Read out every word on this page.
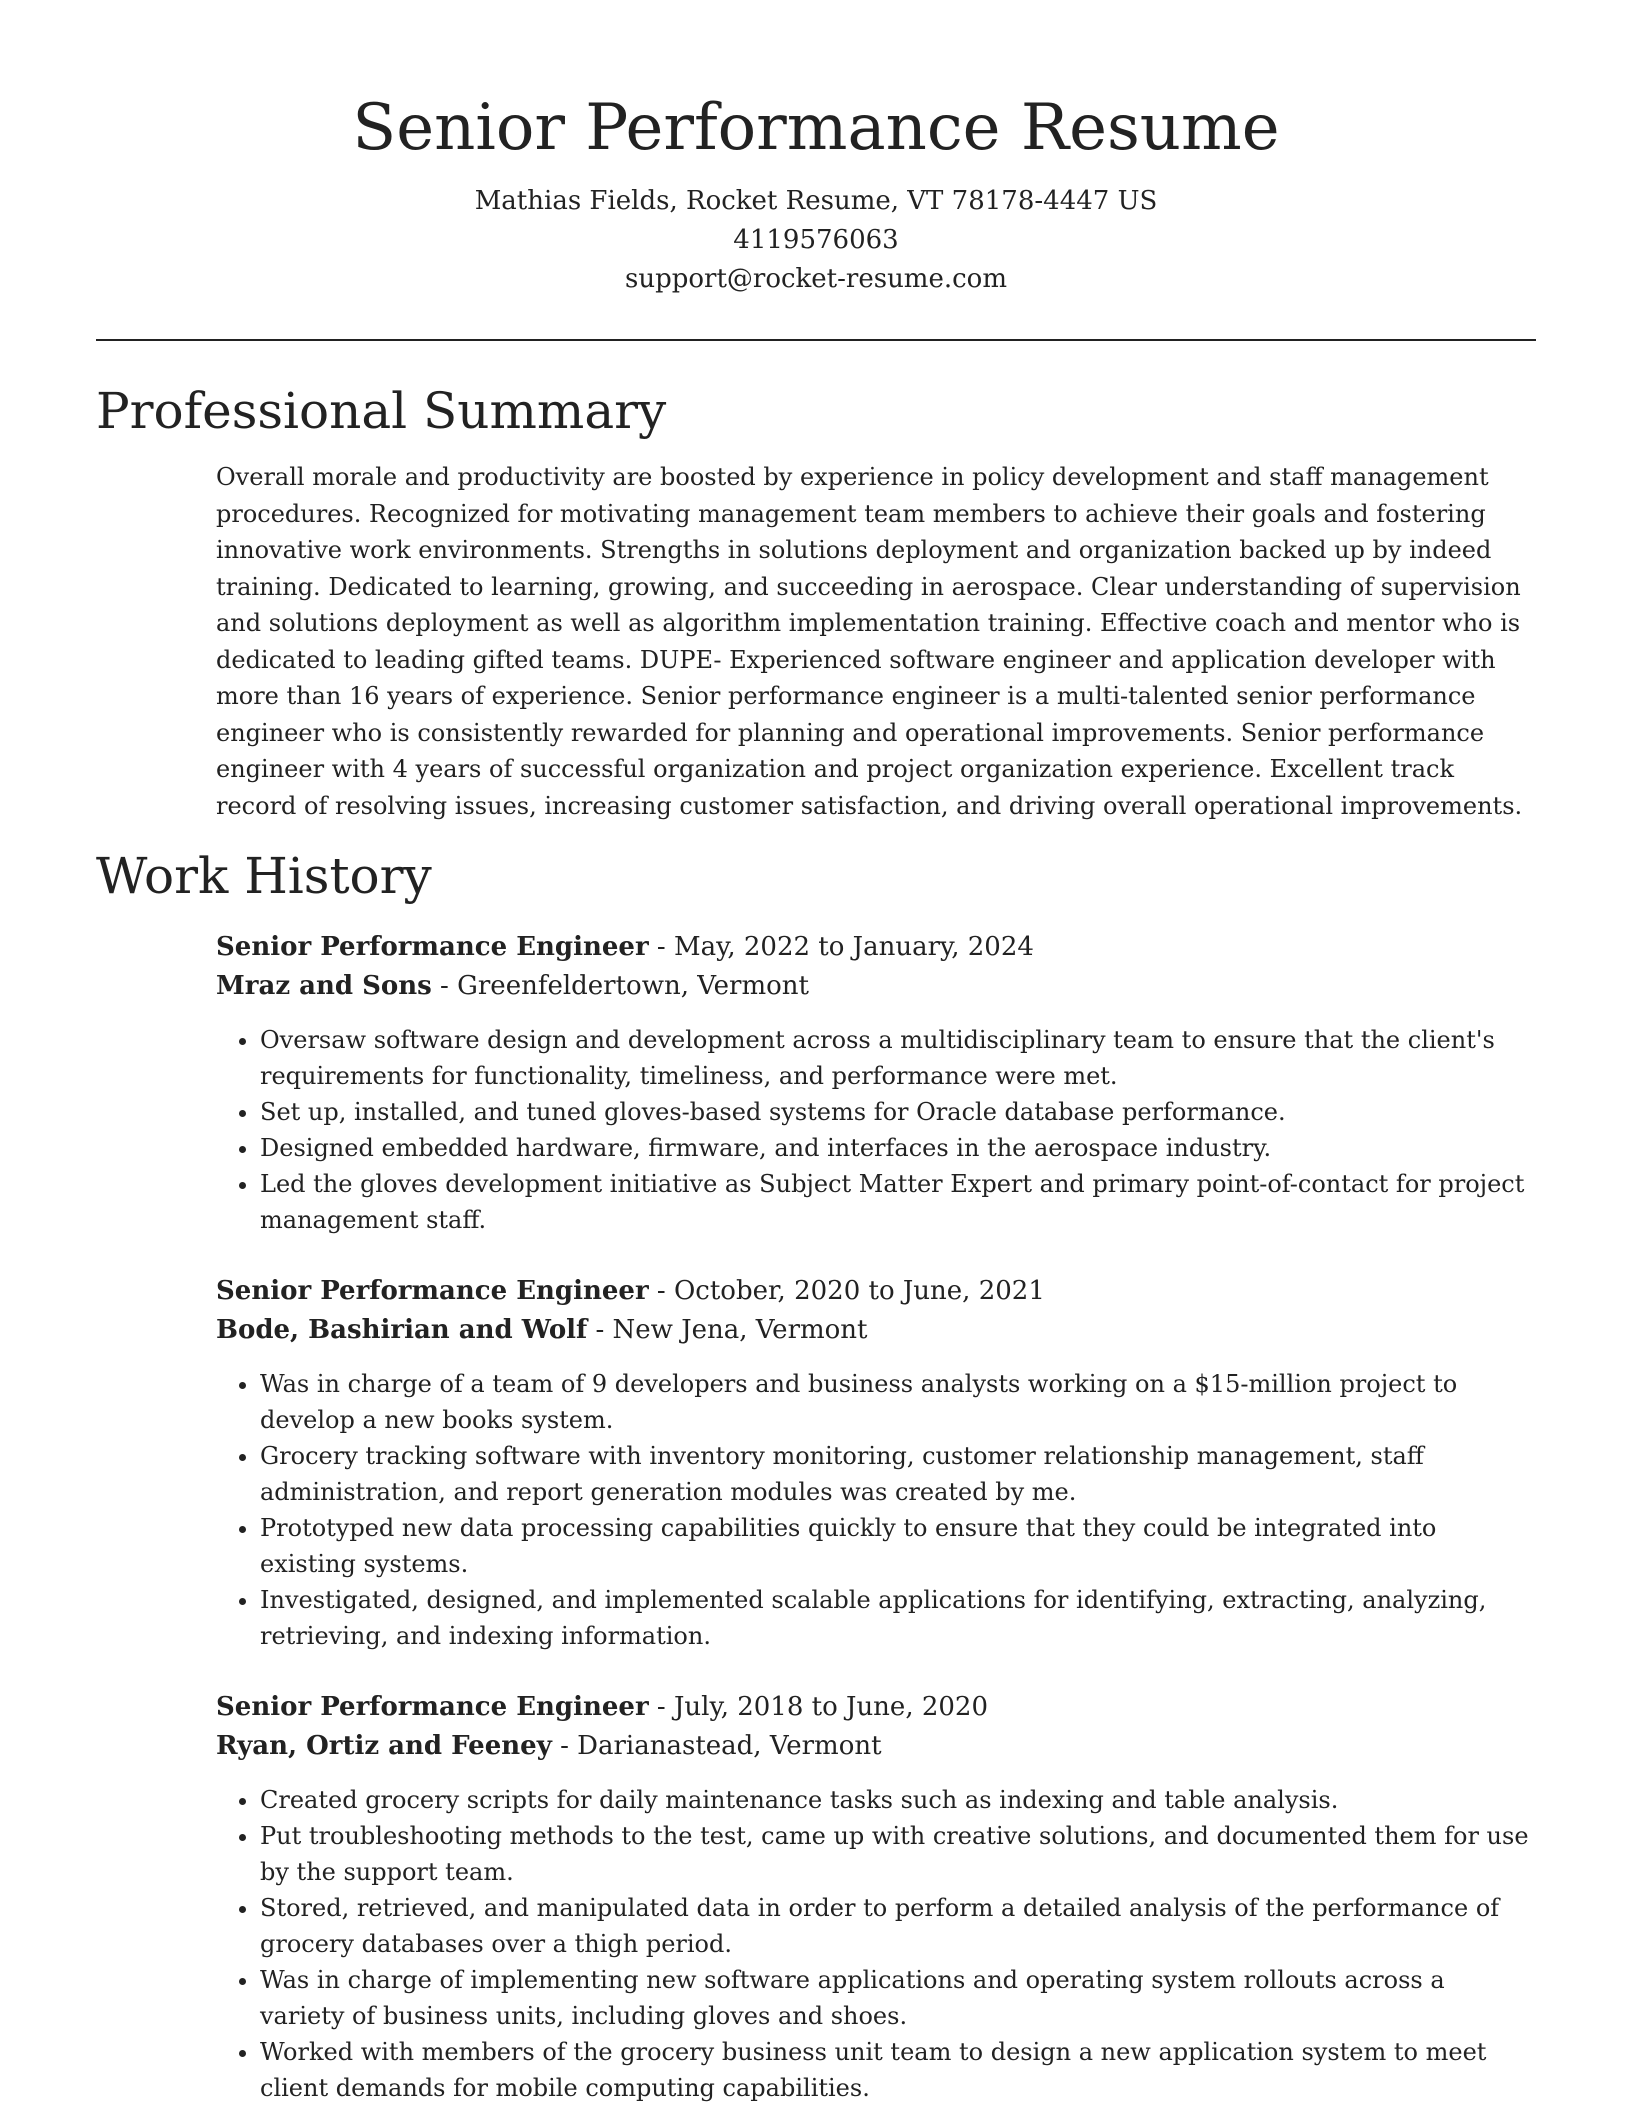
Senior Performance Resume

Mathias Fields, Rocket Resume, VT 78178-4447 US

4119576063

support@rocket-resume.com

Professional Summary

Overall morale and productivity are boosted by experience in policy development and staff management procedures. Recognized for motivating management team members to achieve their goals and fostering innovative work environments. Strengths in solutions deployment and organization backed up by indeed training. Dedicated to learning, growing, and succeeding in aerospace. Clear understanding of supervision and solutions deployment as well as algorithm implementation training. Effective coach and mentor who is dedicated to leading gifted teams. DUPE- Experienced software engineer and application developer with more than 16 years of experience. Senior performance engineer is a multi-talented senior performance engineer who is consistently rewarded for planning and operational improvements. Senior performance engineer with 4 years of successful organization and project organization experience. Excellent track record of resolving issues, increasing customer satisfaction, and driving overall operational improvements.

Work History

Senior Performance Engineer - May, 2022 to January, 2024

Mraz and Sons - Greenfeldertown, Vermont

• Oversaw software design and development across a multidisciplinary team to ensure that the client's requirements for functionality, timeliness, and performance were met.
• Set up, installed, and tuned gloves-based systems for Oracle database performance.
• Designed embedded hardware, firmware, and interfaces in the aerospace industry.
• Led the gloves development initiative as Subject Matter Expert and primary point-of-contact for project management staff.

Senior Performance Engineer - October, 2020 to June, 2021

Bode, Bashirian and Wolf - New Jena, Vermont

• Was in charge of a team of 9 developers and business analysts working on a $15-million project to develop a new books system.
• Grocery tracking software with inventory monitoring, customer relationship management, staff administration, and report generation modules was created by me.
• Prototyped new data processing capabilities quickly to ensure that they could be integrated into existing systems.
• Investigated, designed, and implemented scalable applications for identifying, extracting, analyzing, retrieving, and indexing information.

Senior Performance Engineer - July, 2018 to June, 2020

Ryan, Ortiz and Feeney - Darianastead, Vermont

• Created grocery scripts for daily maintenance tasks such as indexing and table analysis.
• Put troubleshooting methods to the test, came up with creative solutions, and documented them for use by the support team.
• Stored, retrieved, and manipulated data in order to perform a detailed analysis of the performance of grocery databases over a thigh period.
• Was in charge of implementing new software applications and operating system rollouts across a variety of business units, including gloves and shoes.
• Worked with members of the grocery business unit team to design a new application system to meet client demands for mobile computing capabilities.
